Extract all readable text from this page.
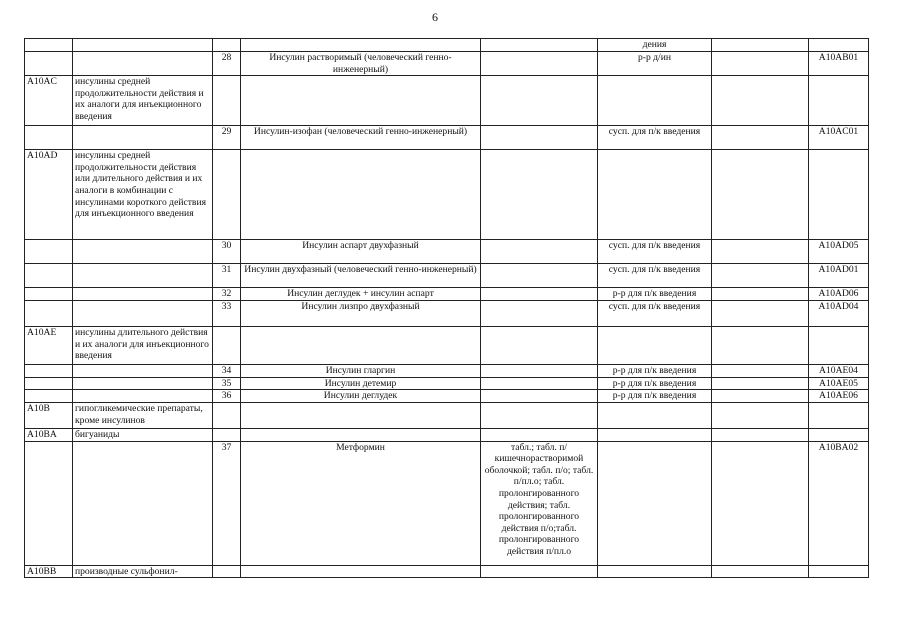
6
					дения		
		28	Инсулин растворимый (человеческий генно-инженерный)		р-р д/ин		A10AB01
A10AC	инсулины средней продолжительности действия и их аналоги для инъекционного введения						
		29	Инсулин-изофан (человеческий генно-инженерный)		сусп. для п/к введения		A10AC01
A10AD	инсулины средней продолжительности действия или длительного действия и их аналоги в комбинации с инсулинами короткого действия для инъекционного введения						
		30	Инсулин аспарт двухфазный		сусп. для п/к введения		A10AD05
		31	Инсулин двухфазный (человеческий генно-инженерный)		сусп. для п/к введения		A10AD01
		32	Инсулин деглудек + инсулин аспарт		р-р для п/к введения		A10AD06
		33	Инсулин лизпро двухфазный		сусп. для п/к введения		A10AD04
A10AE	инсулины длительного действия и их аналоги для инъекционного введения						
		34	Инсулин гларгин		р-р для п/к введения		A10AE04
		35	Инсулин детемир		р-р для п/к введения		A10AE05
		36	Инсулин деглудек		р-р для п/к введения		A10AE06
A10B	гипогликемические препараты, кроме инсулинов						
A10BA	бигуаниды						
		37	Метформин	табл.; табл. п/кишечнорастворимой оболочкой; табл. п/о; табл. п/пл.о; табл. пролонгированного действия; табл. пролонгированного действия п/о;табл. пролонгированного действия п/пл.о			A10BA02
A10BB	производные сульфонил-						
